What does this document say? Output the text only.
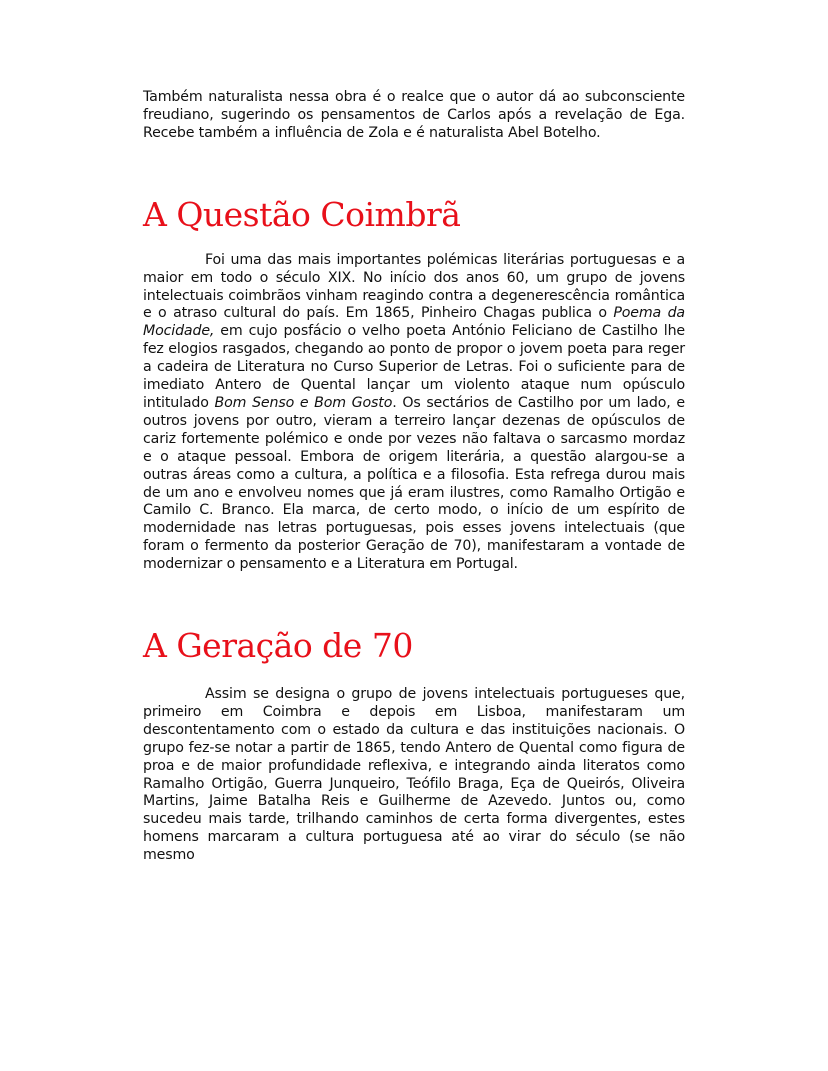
Também naturalista nessa obra é o realce que o autor dá ao subconsciente freudiano, sugerindo os pensamentos de Carlos após a revelação de Ega. Recebe também a influência de Zola e é naturalista Abel Botelho.

A Questão Coimbrã

Foi uma das mais importantes polémicas literárias portuguesas e a maior em todo o século XIX. No início dos anos 60, um grupo de jovens intelectuais coimbrãos vinham reagindo contra a degenerescência romântica e o atraso cultural do país. Em 1865, Pinheiro Chagas publica o Poema da Mocidade, em cujo posfácio o velho poeta António Feliciano de Castilho lhe fez elogios rasgados, chegando ao ponto de propor o jovem poeta para reger a cadeira de Literatura no Curso Superior de Letras. Foi o suficiente para de imediato Antero de Quental lançar um violento ataque num opúsculo intitulado Bom Senso e Bom Gosto. Os sectários de Castilho por um lado, e outros jovens por outro, vieram a terreiro lançar dezenas de opúsculos de cariz fortemente polémico e onde por vezes não faltava o sarcasmo mordaz e o ataque pessoal. Embora de origem literária, a questão alargou-se a outras áreas como a cultura, a política e a filosofia. Esta refrega durou mais de um ano e envolveu nomes que já eram ilustres, como Ramalho Ortigão e Camilo C. Branco. Ela marca, de certo modo, o início de um espírito de modernidade nas letras portuguesas, pois esses jovens intelectuais (que foram o fermento da posterior Geração de 70), manifestaram a vontade de modernizar o pensamento e a Literatura em Portugal.

A Geração de 70

Assim se designa o grupo de jovens intelectuais portugueses que, primeiro em Coimbra e depois em Lisboa, manifestaram um descontentamento com o estado da cultura e das instituições nacionais. O grupo fez-se notar a partir de 1865, tendo Antero de Quental como figura de proa e de maior profundidade reflexiva, e integrando ainda literatos como Ramalho Ortigão, Guerra Junqueiro, Teófilo Braga, Eça de Queirós, Oliveira Martins, Jaime Batalha Reis e Guilherme de Azevedo. Juntos ou, como sucedeu mais tarde, trilhando caminhos de certa forma divergentes, estes homens marcaram a cultura portuguesa até ao virar do século (se não mesmo
